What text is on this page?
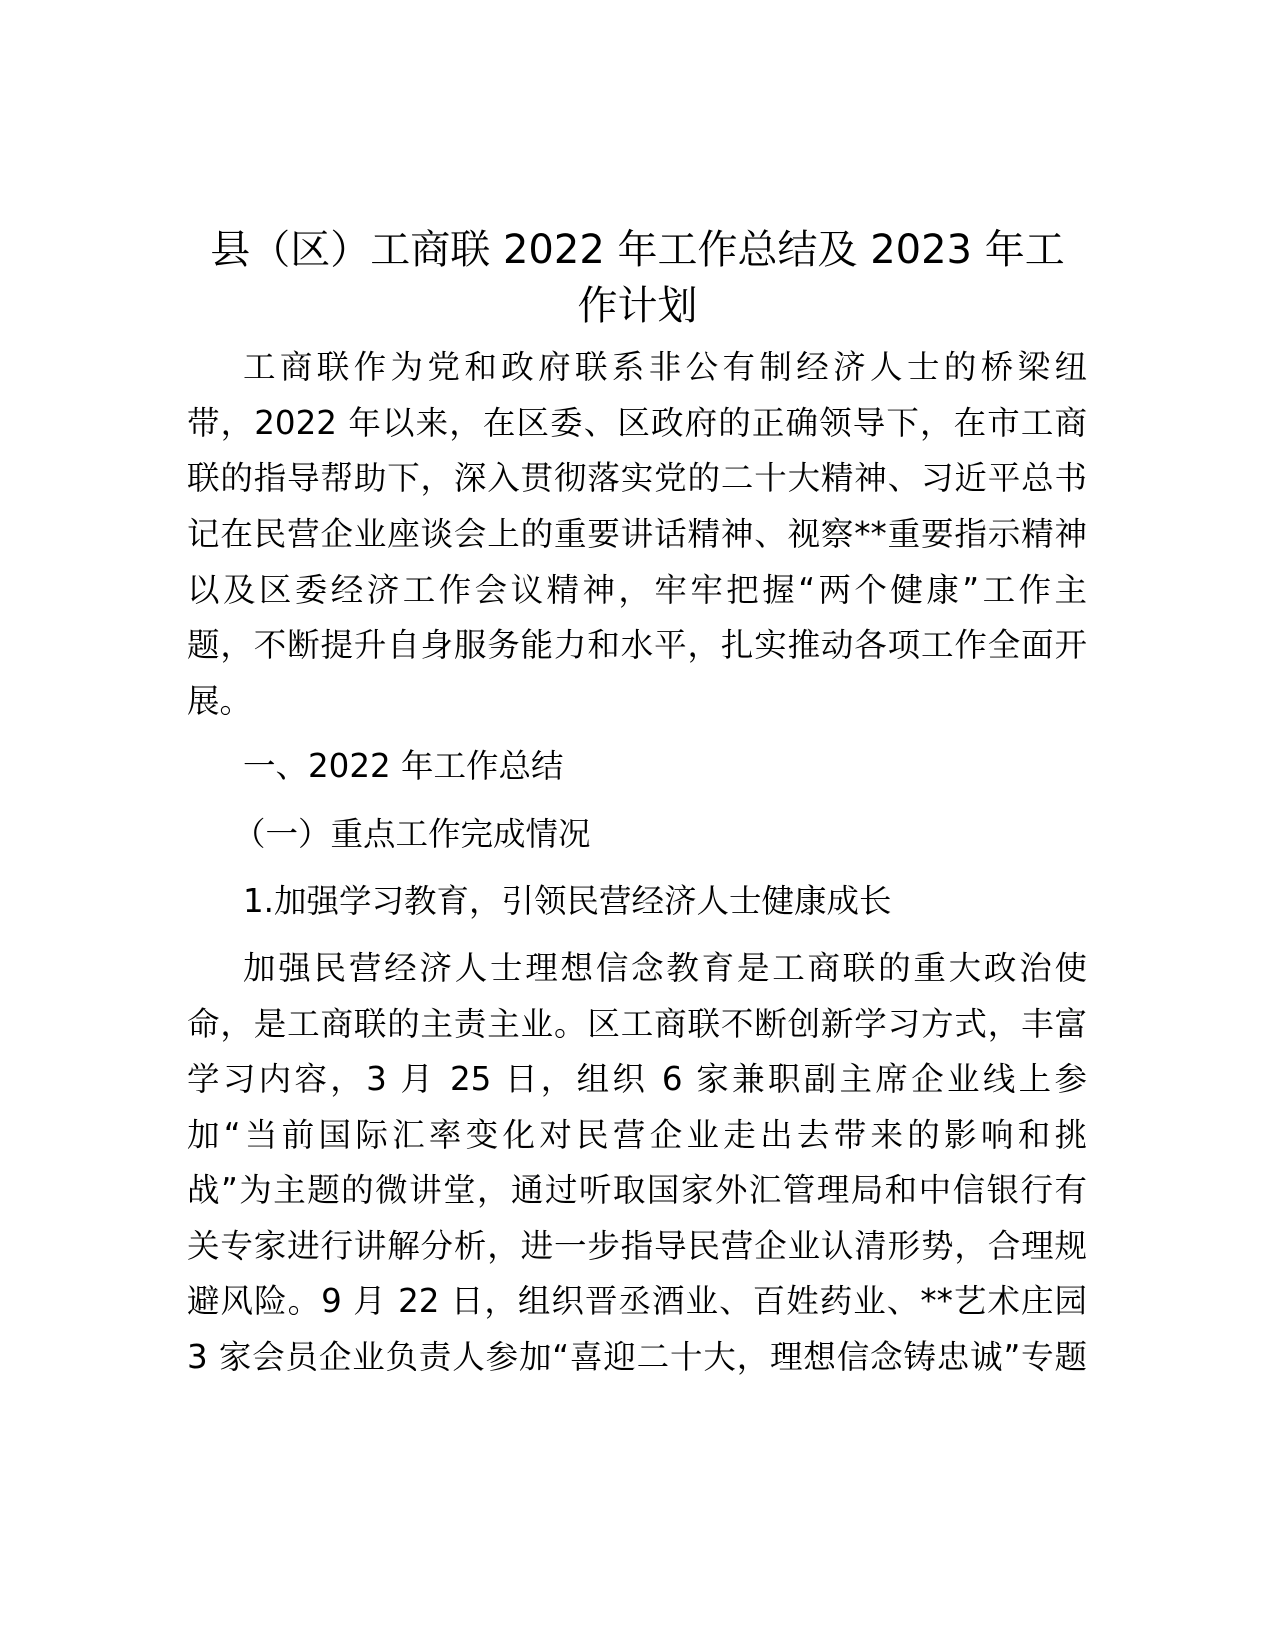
县（区）工商联 2022 年工作总结及 2023 年工
作计划

工商联作为党和政府联系非公有制经济人士的桥梁纽

带，2022 年以来，在区委、区政府的正确领导下，在市工商

联的指导帮助下，深入贯彻落实党的二十大精神、习近平总书

记在民营企业座谈会上的重要讲话精神、视察**重要指示精神

以及区委经济工作会议精神，牢牢把握“两个健康”工作主

题，不断提升自身服务能力和水平，扎实推动各项工作全面开

展。

一、2022 年工作总结

（一）重点工作完成情况

1.加强学习教育，引领民营经济人士健康成长

加强民营经济人士理想信念教育是工商联的重大政治使

命，是工商联的主责主业。区工商联不断创新学习方式，丰富

学习内容，3 月 25 日，组织 6 家兼职副主席企业线上参

加“当前国际汇率变化对民营企业走出去带来的影响和挑

战”为主题的微讲堂，通过听取国家外汇管理局和中信银行有

关专家进行讲解分析，进一步指导民营企业认清形势，合理规

避风险。9 月 22 日，组织晋丞酒业、百姓药业、**艺术庄园

3 家会员企业负责人参加“喜迎二十大，理想信念铸忠诚”专题
